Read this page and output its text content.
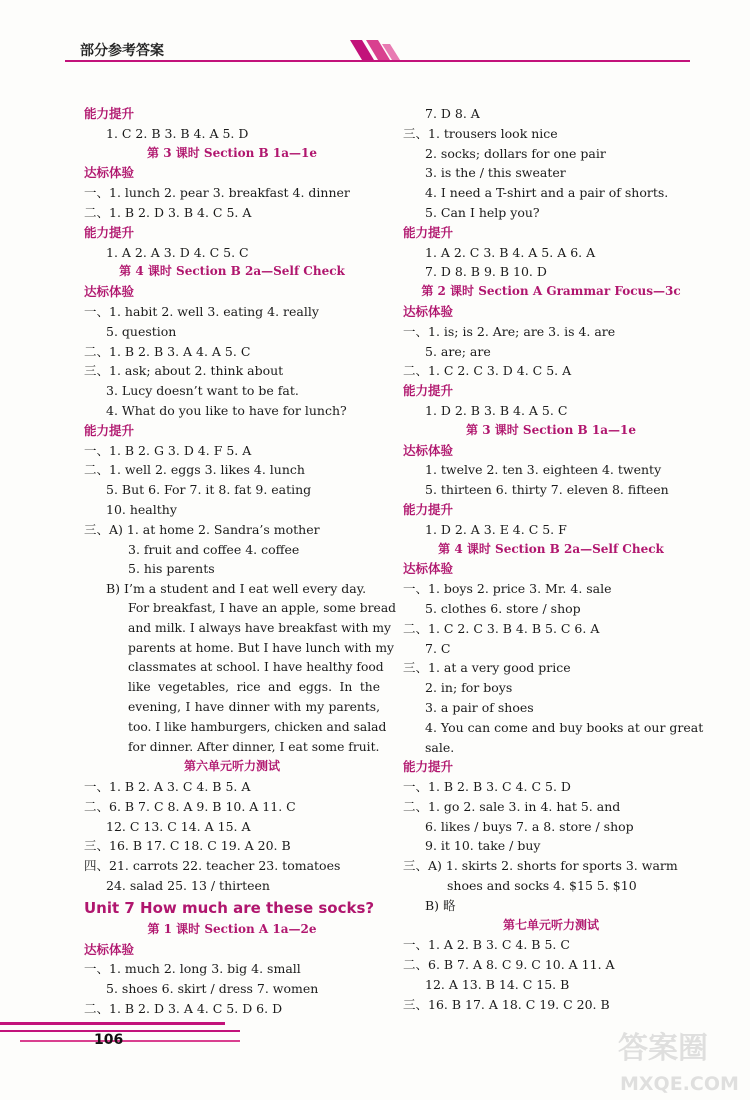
部分参考答案
能力提升
1. C 2. B 3. B 4. A 5. D
第 3 课时 Section B 1a—1e
达标体验
一、1. lunch 2. pear 3. breakfast 4. dinner
二、1. B 2. D 3. B 4. C 5. A
能力提升
1. A 2. A 3. D 4. C 5. C
第 4 课时 Section B 2a—Self Check
达标体验
一、1. habit 2. well 3. eating 4. really
5. question
二、1. B 2. B 3. A 4. A 5. C
三、1. ask; about 2. think about
3. Lucy doesn’t want to be fat.
4. What do you like to have for lunch?
能力提升
一、1. B 2. G 3. D 4. F 5. A
二、1. well 2. eggs 3. likes 4. lunch
5. But 6. For 7. it 8. fat 9. eating
10. healthy
三、A) 1. at home 2. Sandra’s mother
3. fruit and coffee 4. coffee
5. his parents
B) I’m a student and I eat well every day.
For breakfast, I have an apple, some bread
and milk. I always have breakfast with my
parents at home. But I have lunch with my
classmates at school. I have healthy food
like vegetables, rice and eggs. In the
evening, I have dinner with my parents,
too. I like hamburgers, chicken and salad
for dinner. After dinner, I eat some fruit.
第六单元听力测试
一、1. B 2. A 3. C 4. B 5. A
二、6. B 7. C 8. A 9. B 10. A 11. C
12. C 13. C 14. A 15. A
三、16. B 17. C 18. C 19. A 20. B
四、21. carrots 22. teacher 23. tomatoes
24. salad 25. 13 / thirteen
Unit 7 How much are these socks?
第 1 课时 Section A 1a—2e
达标体验
一、1. much 2. long 3. big 4. small
5. shoes 6. skirt / dress 7. women
二、1. B 2. D 3. A 4. C 5. D 6. D
7. D 8. A
三、1. trousers look nice
2. socks; dollars for one pair
3. is the / this sweater
4. I need a T-shirt and a pair of shorts.
5. Can I help you?
能力提升
1. A 2. C 3. B 4. A 5. A 6. A
7. D 8. B 9. B 10. D
第 2 课时 Section A Grammar Focus—3c
达标体验
一、1. is; is 2. Are; are 3. is 4. are
5. are; are
二、1. C 2. C 3. D 4. C 5. A
能力提升
1. D 2. B 3. B 4. A 5. C
第 3 课时 Section B 1a—1e
达标体验
1. twelve 2. ten 3. eighteen 4. twenty
5. thirteen 6. thirty 7. eleven 8. fifteen
能力提升
1. D 2. A 3. E 4. C 5. F
第 4 课时 Section B 2a—Self Check
达标体验
一、1. boys 2. price 3. Mr. 4. sale
5. clothes 6. store / shop
二、1. C 2. C 3. B 4. B 5. C 6. A
7. C
三、1. at a very good price
2. in; for boys
3. a pair of shoes
4. You can come and buy books at our great
sale.
能力提升
一、1. B 2. B 3. C 4. C 5. D
二、1. go 2. sale 3. in 4. hat 5. and
6. likes / buys 7. a 8. store / shop
9. it 10. take / buy
三、A) 1. skirts 2. shorts for sports 3. warm
shoes and socks 4. $15 5. $10
B) 略
第七单元听力测试
一、1. A 2. B 3. C 4. B 5. C
二、6. B 7. A 8. C 9. C 10. A 11. A
12. A 13. B 14. C 15. B
三、16. B 17. A 18. C 19. C 20. B
106	答案圈
MXQE.COM
